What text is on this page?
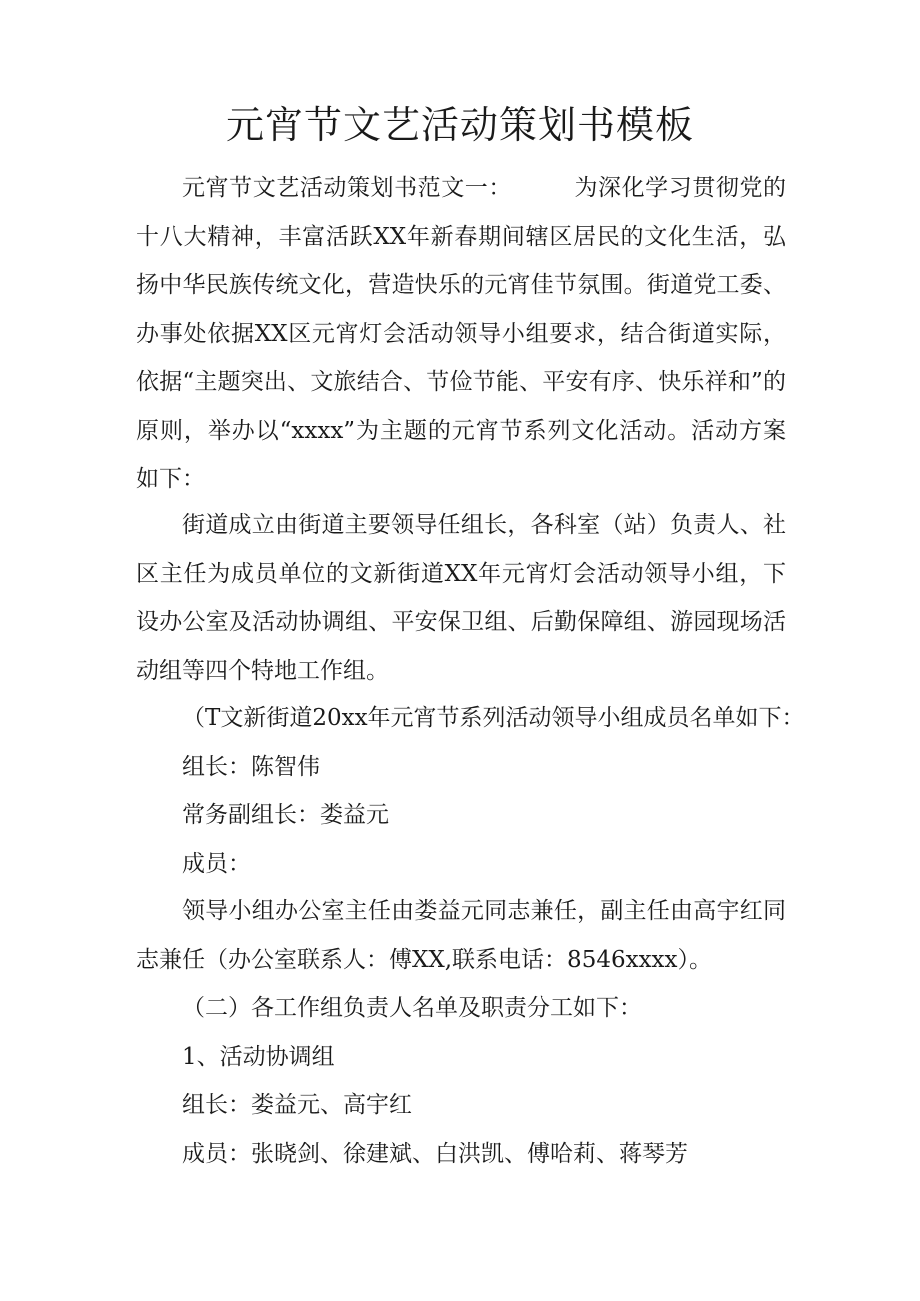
元宵节文艺活动策划书模板

元宵节文艺活动策划书范文一：	为深化学习贯彻党的十八大精神，丰富活跃XX年新春期间辖区居民的文化生活，弘扬中华民族传统文化，营造快乐的元宵佳节氛围。街道党工委、办事处依据XX区元宵灯会活动领导小组要求，结合街道实际，依据“主题突出、文旅结合、节俭节能、平安有序、快乐祥和”的原则，举办以“xxxx”为主题的元宵节系列文化活动。活动方案如下：

街道成立由街道主要领导任组长，各科室（站）负责人、社区主任为成员单位的文新街道XX年元宵灯会活动领导小组，下设办公室及活动协调组、平安保卫组、后勤保障组、游园现场活动组等四个特地工作组。

（T文新街道20xx年元宵节系列活动领导小组成员名单如下：

组长：陈智伟

常务副组长：娄益元

成员：

领导小组办公室主任由娄益元同志兼任，副主任由高宇红同志兼任（办公室联系人：傅XX,联系电话：8546xxxx）。

（二）各工作组负责人名单及职责分工如下：

1、活动协调组

组长：娄益元、高宇红

成员：张晓剑、徐建斌、白洪凯、傅哈莉、蒋琴芳
